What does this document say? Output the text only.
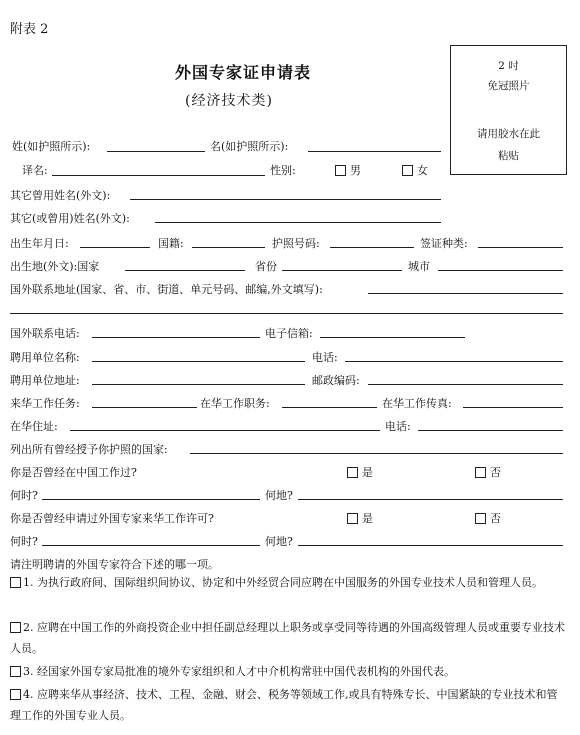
附表 2
外国专家证申请表
(经济技术类)
2 吋
免冠照片
请用胶水在此
粘贴
姓(如护照所示):	名(如护照所示):
译名:	性别:	男	女
其它曾用姓名(外文):
其它(或曾用)姓名(外文):
出生年月日:	国籍:	护照号码:	签证种类:
出生地(外文):国家	省份	城市
国外联系地址(国家、省、市、街道、单元号码、邮编,外文填写):
国外联系电话:	电子信箱:
聘用单位名称:	电话:
聘用单位地址:	邮政编码:
来华工作任务:	在华工作职务:	在华工作传真:
在华住址:	电话:
列出所有曾经授予你护照的国家:
你是否曾经在中国工作过?	是	否
何时?	何地?
你是否曾经申请过外国专家来华工作许可?	是	否
何时?	何地?
请注明聘请的外国专家符合下述的哪一项。
1. 为执行政府间、国际组织间协议、协定和中外经贸合同应聘在中国服务的外国专业技术人员和管理人员。
2. 应聘在中国工作的外商投资企业中担任副总经理以上职务或享受同等待遇的外国高级管理人员或重要专业技术人员。
3. 经国家外国专家局批准的境外专家组织和人才中介机构常驻中国代表机构的外国代表。
4. 应聘来华从事经济、技术、工程、金融、财会、税务等领域工作,或具有特殊专长、中国紧缺的专业技术和管理工作的外国专业人员。
